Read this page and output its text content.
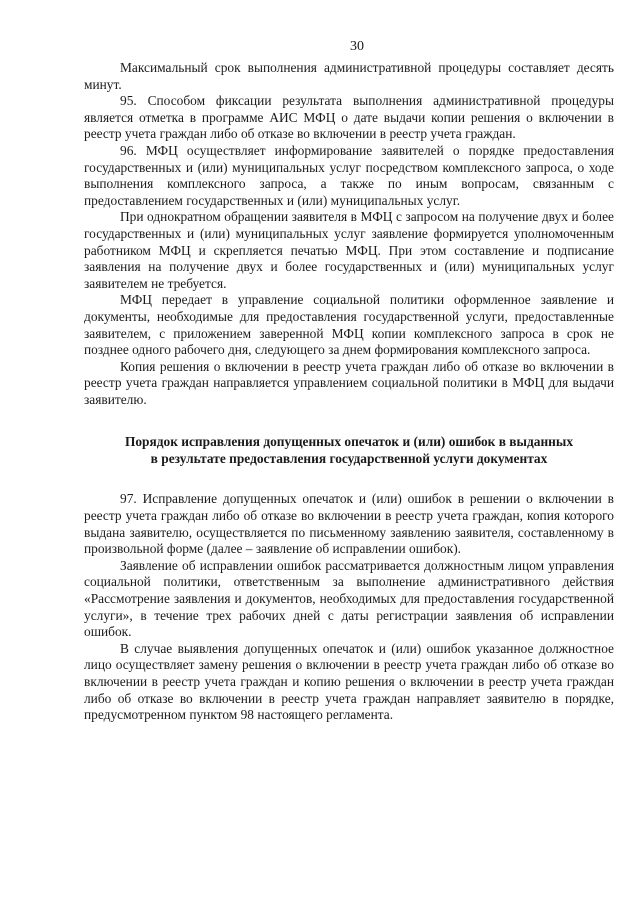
30

Максимальный срок выполнения административной процедуры составляет десять минут.

95. Способом фиксации результата выполнения административной процедуры является отметка в программе АИС МФЦ о дате выдачи копии решения о включении в реестр учета граждан либо об отказе во включении в реестр учета граждан.

96. МФЦ осуществляет информирование заявителей о порядке предоставления государственных и (или) муниципальных услуг посредством комплексного запроса, о ходе выполнения комплексного запроса, а также по иным вопросам, связанным с предоставлением государственных и (или) муниципальных услуг.

При однократном обращении заявителя в МФЦ с запросом на получение двух и более государственных и (или) муниципальных услуг заявление формируется уполномоченным работником МФЦ и скрепляется печатью МФЦ. При этом составление и подписание заявления на получение двух и более государственных и (или) муниципальных услуг заявителем не требуется.

МФЦ передает в управление социальной политики оформленное заявление и документы, необходимые для предоставления государственной услуги, предоставленные заявителем, с приложением заверенной МФЦ копии комплексного запроса в срок не позднее одного рабочего дня, следующего за днем формирования комплексного запроса.

Копия решения о включении в реестр учета граждан либо об отказе во включении в реестр учета граждан направляется управлением социальной политики в МФЦ для выдачи заявителю.

Порядок исправления допущенных опечаток и (или) ошибок в выданных
в результате предоставления государственной услуги документах

97. Исправление допущенных опечаток и (или) ошибок в решении о включении в реестр учета граждан либо об отказе во включении в реестр учета граждан, копия которого выдана заявителю, осуществляется по письменному заявлению заявителя, составленному в произвольной форме (далее – заявление об исправлении ошибок).

Заявление об исправлении ошибок рассматривается должностным лицом управления социальной политики, ответственным за выполнение административного действия «Рассмотрение заявления и документов, необходимых для предоставления государственной услуги», в течение трех рабочих дней с даты регистрации заявления об исправлении ошибок.

В случае выявления допущенных опечаток и (или) ошибок указанное должностное лицо осуществляет замену решения о включении в реестр учета граждан либо об отказе во включении в реестр учета граждан и копию решения о включении в реестр учета граждан либо об отказе во включении в реестр учета граждан направляет заявителю в порядке, предусмотренном пунктом 98 настоящего регламента.
